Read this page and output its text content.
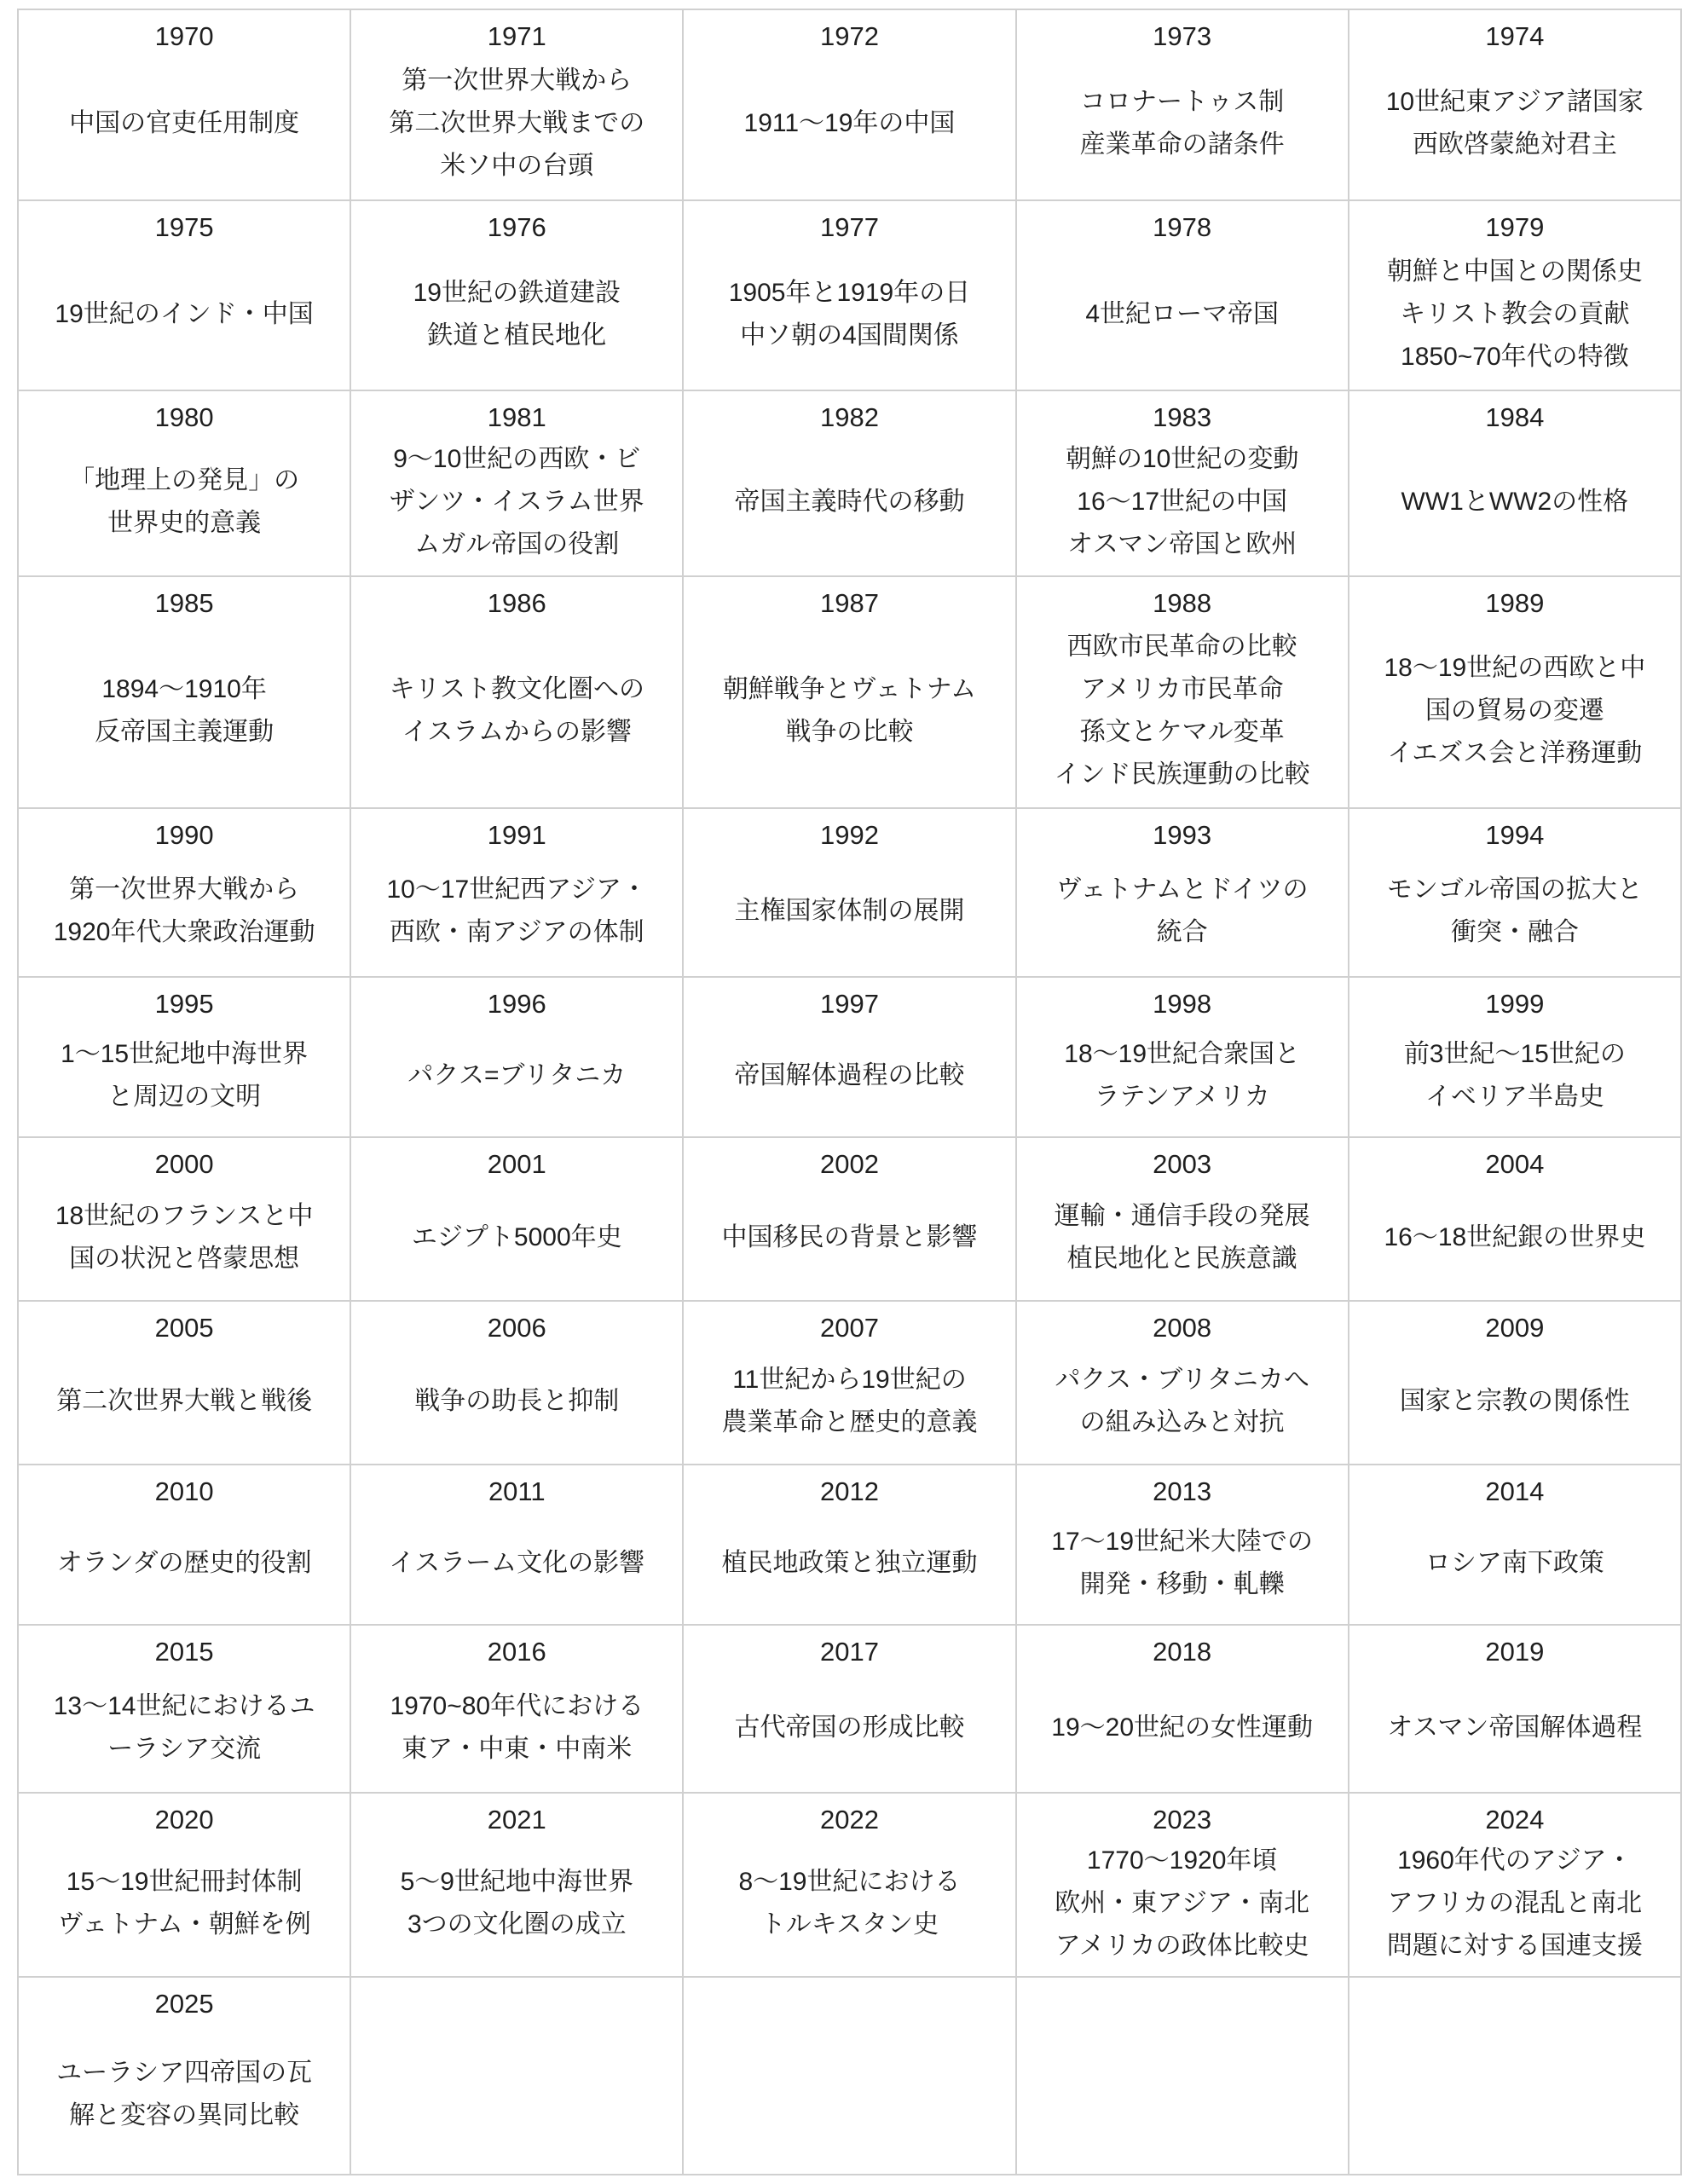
1970
中国の官吏任用制度
1971
第一次世界大戦から
第二次世界大戦までの
米ソ中の台頭
1972
1911〜19年の中国
1973
コロナートゥス制
産業革命の諸条件
1974
10世紀東アジア諸国家
西欧啓蒙絶対君主
1975
19世紀のインド・中国
1976
19世紀の鉄道建設
鉄道と植民地化
1977
1905年と1919年の日
中ソ朝の4国間関係
1978
4世紀ローマ帝国
1979
朝鮮と中国との関係史
キリスト教会の貢献
1850~70年代の特徴
1980
「地理上の発見」の
世界史的意義
1981
9〜10世紀の西欧・ビ
ザンツ・イスラム世界
ムガル帝国の役割
1982
帝国主義時代の移動
1983
朝鮮の10世紀の変動
16〜17世紀の中国
オスマン帝国と欧州
1984
WW1とWW2の性格
1985
1894〜1910年
反帝国主義運動
1986
キリスト教文化圏への
イスラムからの影響
1987
朝鮮戦争とヴェトナム
戦争の比較
1988
西欧市民革命の比較
アメリカ市民革命
孫文とケマル変革
インド民族運動の比較
1989
18〜19世紀の西欧と中
国の貿易の変遷
イエズス会と洋務運動
1990
第一次世界大戦から
1920年代大衆政治運動
1991
10〜17世紀西アジア・
西欧・南アジアの体制
1992
主権国家体制の展開
1993
ヴェトナムとドイツの
統合
1994
モンゴル帝国の拡大と
衝突・融合
1995
1〜15世紀地中海世界
と周辺の文明
1996
パクス=ブリタニカ
1997
帝国解体過程の比較
1998
18〜19世紀合衆国と
ラテンアメリカ
1999
前3世紀〜15世紀の
イベリア半島史
2000
18世紀のフランスと中
国の状況と啓蒙思想
2001
エジプト5000年史
2002
中国移民の背景と影響
2003
運輸・通信手段の発展
植民地化と民族意識
2004
16〜18世紀銀の世界史
2005
第二次世界大戦と戦後
2006
戦争の助長と抑制
2007
11世紀から19世紀の
農業革命と歴史的意義
2008
パクス・ブリタニカへ
の組み込みと対抗
2009
国家と宗教の関係性
2010
オランダの歴史的役割
2011
イスラーム文化の影響
2012
植民地政策と独立運動
2013
17〜19世紀米大陸での
開発・移動・軋轢
2014
ロシア南下政策
2015
13〜14世紀におけるユ
ーラシア交流
2016
1970~80年代における
東ア・中東・中南米
2017
古代帝国の形成比較
2018
19〜20世紀の女性運動
2019
オスマン帝国解体過程
2020
15〜19世紀冊封体制
ヴェトナム・朝鮮を例
2021
5〜9世紀地中海世界
3つの文化圏の成立
2022
8〜19世紀における
トルキスタン史
2023
1770〜1920年頃
欧州・東アジア・南北
アメリカの政体比較史
2024
1960年代のアジア・
アフリカの混乱と南北
問題に対する国連支援
2025
ユーラシア四帝国の瓦
解と変容の異同比較
